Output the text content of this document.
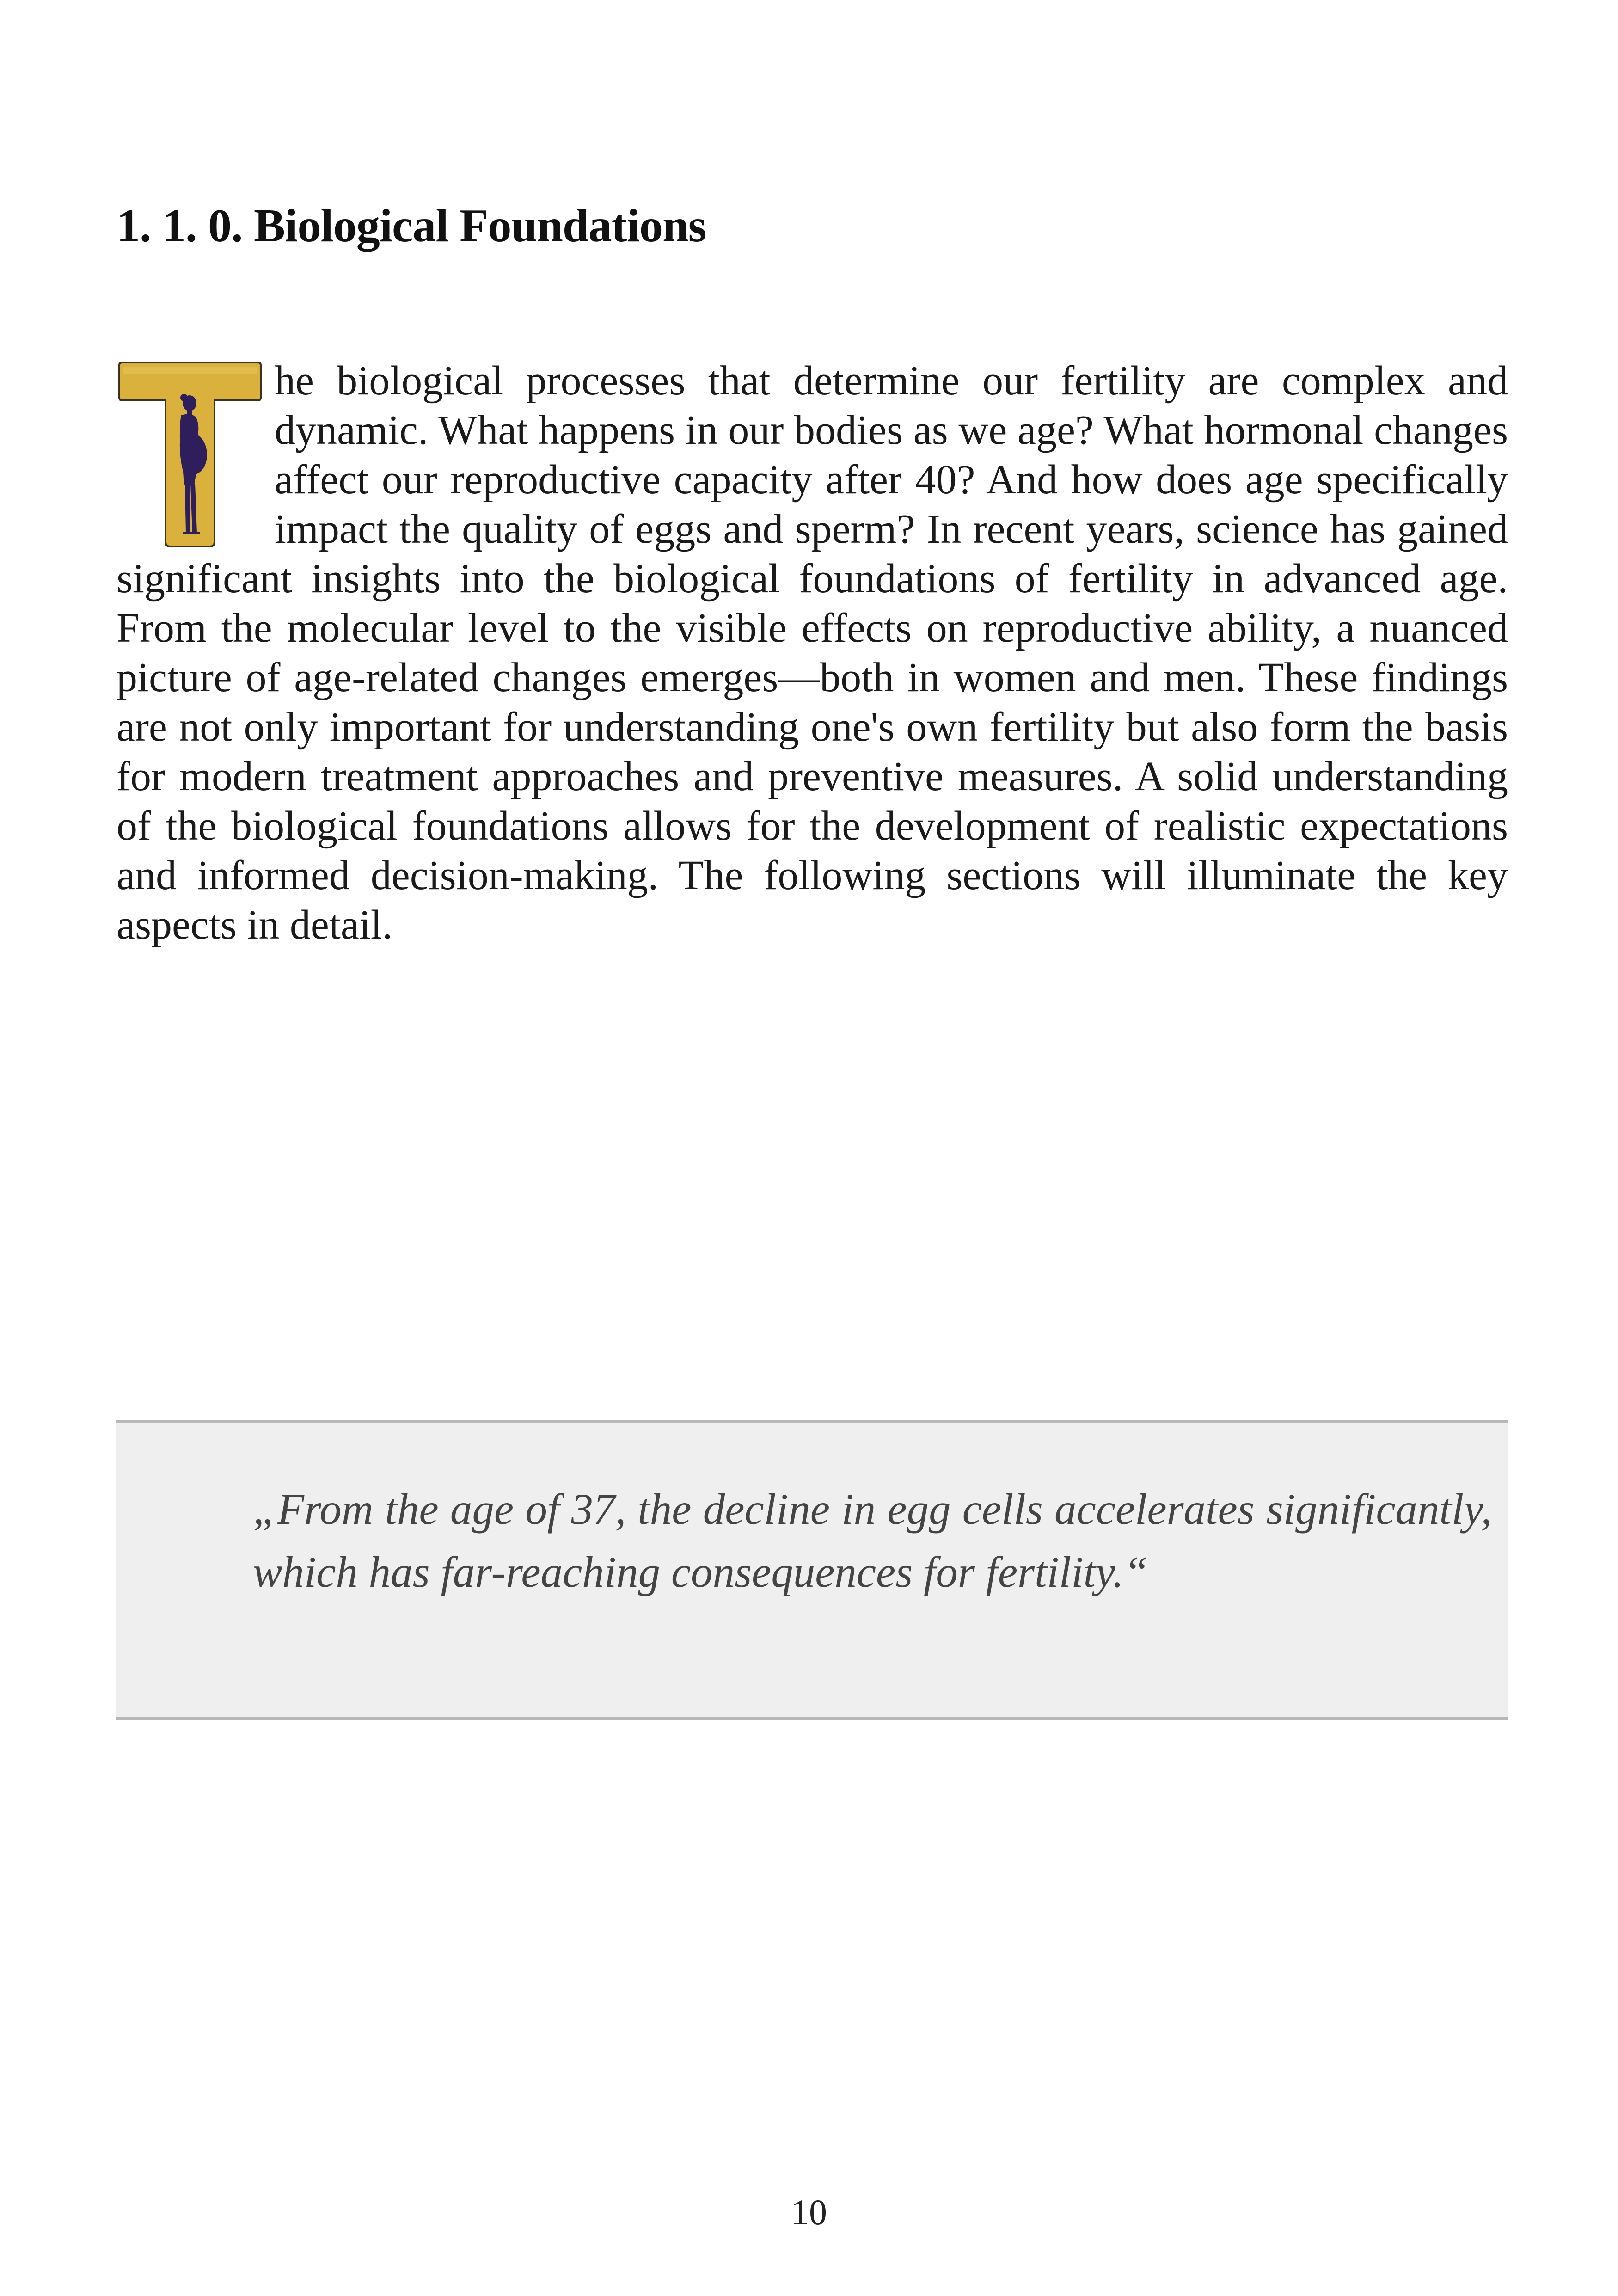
1. 1. 0. Biological Foundations

he biological processes that determine our fertility are complex and dynamic. What happens in our bodies as we age? What hormonal changes affect our reproductive capacity after 40? And how does age specifically impact the quality of eggs and sperm? In recent years, science has gained significant insights into the biological foundations of fertility in advanced age. From the molecular level to the visible effects on reproductive ability, a nuanced picture of age-related changes emerges—both in women and men. These findings are not only important for understanding one's own fertility but also form the basis for modern treatment approaches and preventive measures. A solid understanding of the biological foundations allows for the development of realistic expectations and informed decision-making. The following sections will illuminate the key aspects in detail.

„From the age of 37, the decline in egg cells accelerates significantly, which has far-reaching consequences for fertility.“

10
